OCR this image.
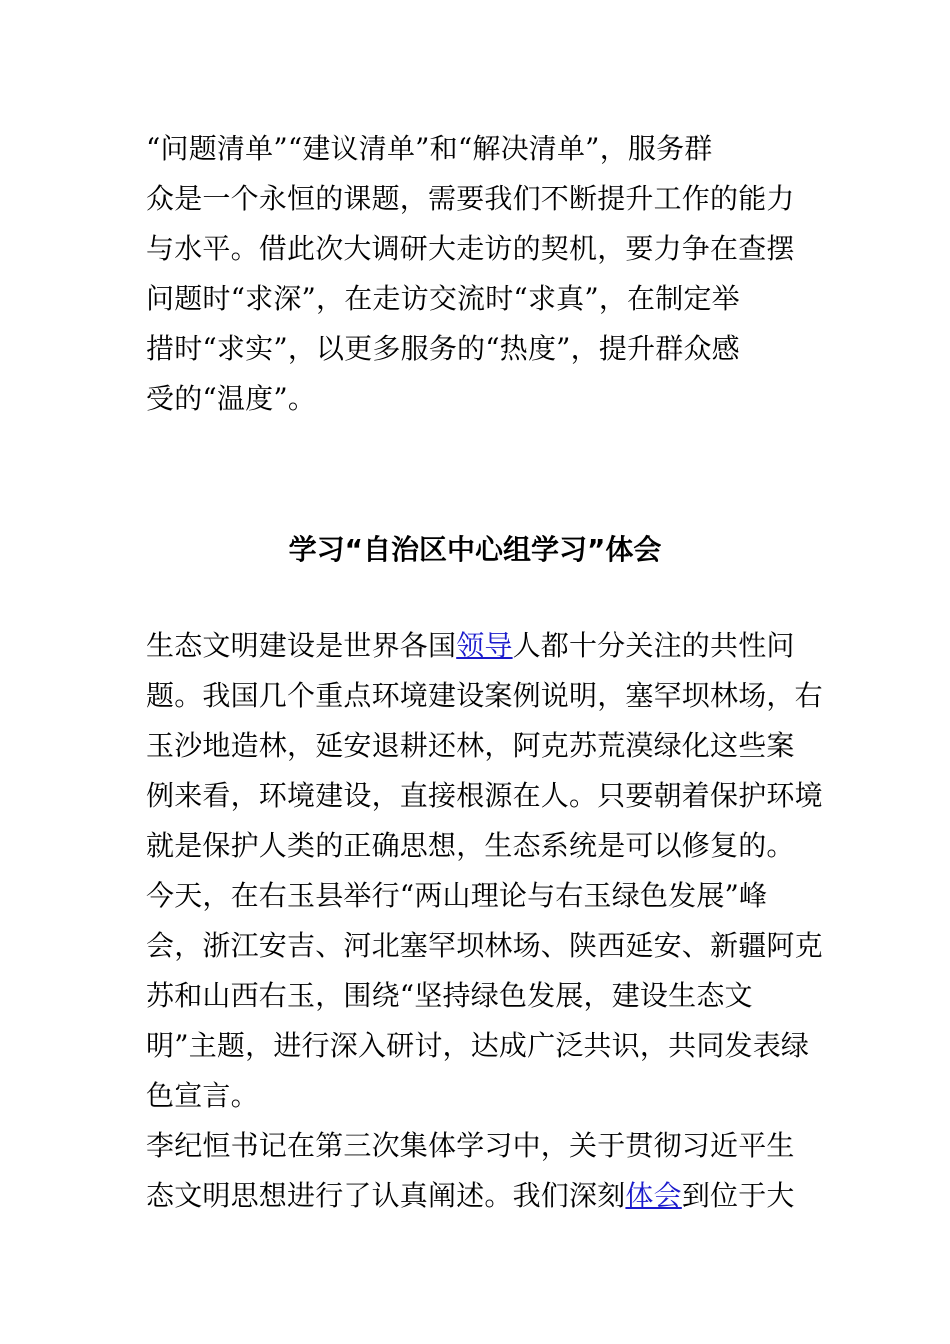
“问题清单”“建议清单”和“解决清单”，服务群
众是一个永恒的课题，需要我们不断提升工作的能力
与水平。借此次大调研大走访的契机，要力争在查摆
问题时“求深”，在走访交流时“求真”，在制定举
措时“求实”，以更多服务的“热度”，提升群众感
受的“温度”。
学习“自治区中心组学习”体会
生态文明建设是世界各国领导人都十分关注的共性问
题。我国几个重点环境建设案例说明，塞罕坝林场，右
玉沙地造林，延安退耕还林，阿克苏荒漠绿化这些案
例来看，环境建设，直接根源在人。只要朝着保护环境
就是保护人类的正确思想，生态系统是可以修复的。
今天，在右玉县举行“两山理论与右玉绿色发展”峰
会，浙江安吉、河北塞罕坝林场、陕西延安、新疆阿克
苏和山西右玉，围绕“坚持绿色发展，建设生态文
明”主题，进行深入研讨，达成广泛共识，共同发表绿
色宣言。
李纪恒书记在第三次集体学习中，关于贯彻习近平生
态文明思想进行了认真阐述。我们深刻体会到位于大
